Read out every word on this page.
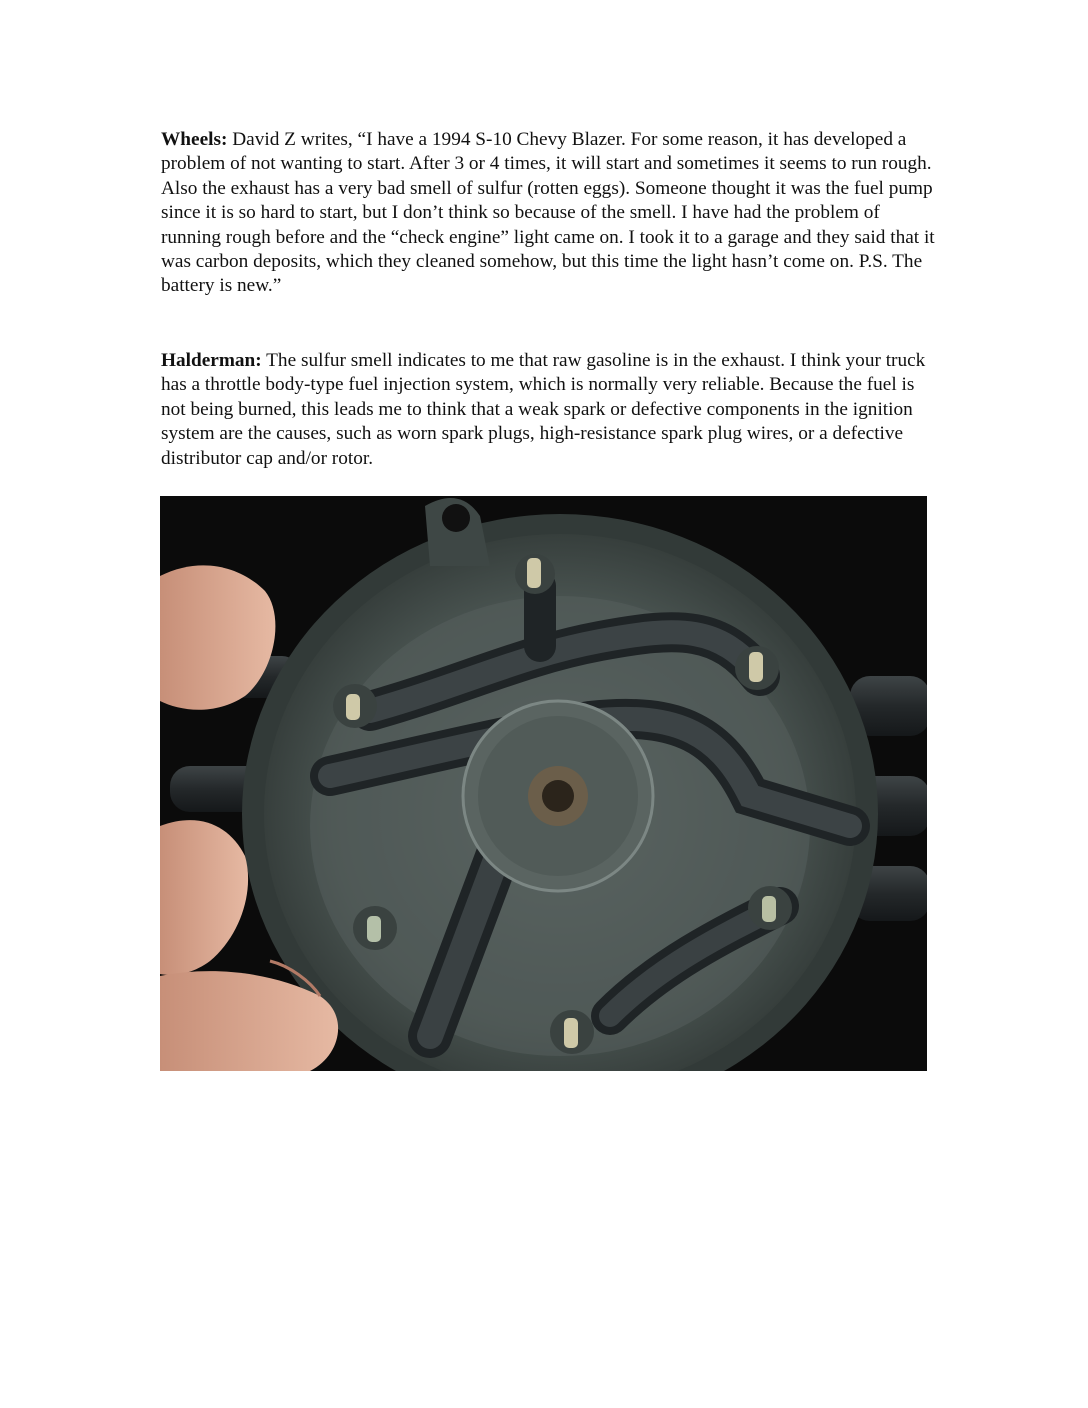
Wheels: David Z writes, “I have a 1994 S-10 Chevy Blazer. For some reason, it has developed a problem of not wanting to start. After 3 or 4 times, it will start and sometimes it seems to run rough. Also the exhaust has a very bad smell of sulfur (rotten eggs). Someone thought it was the fuel pump since it is so hard to start, but I don’t think so because of the smell. I have had the problem of running rough before and the “check engine” light came on. I took it to a garage and they said that it was carbon deposits, which they cleaned somehow, but this time the light hasn’t come on. P.S. The battery is new.”

Halderman: The sulfur smell indicates to me that raw gasoline is in the exhaust. I think your truck has a throttle body-type fuel injection system, which is normally very reliable. Because the fuel is not being burned, this leads me to think that a weak spark or defective components in the ignition system are the causes, such as worn spark plugs, high-resistance spark plug wires, or a defective distributor cap and/or rotor.
